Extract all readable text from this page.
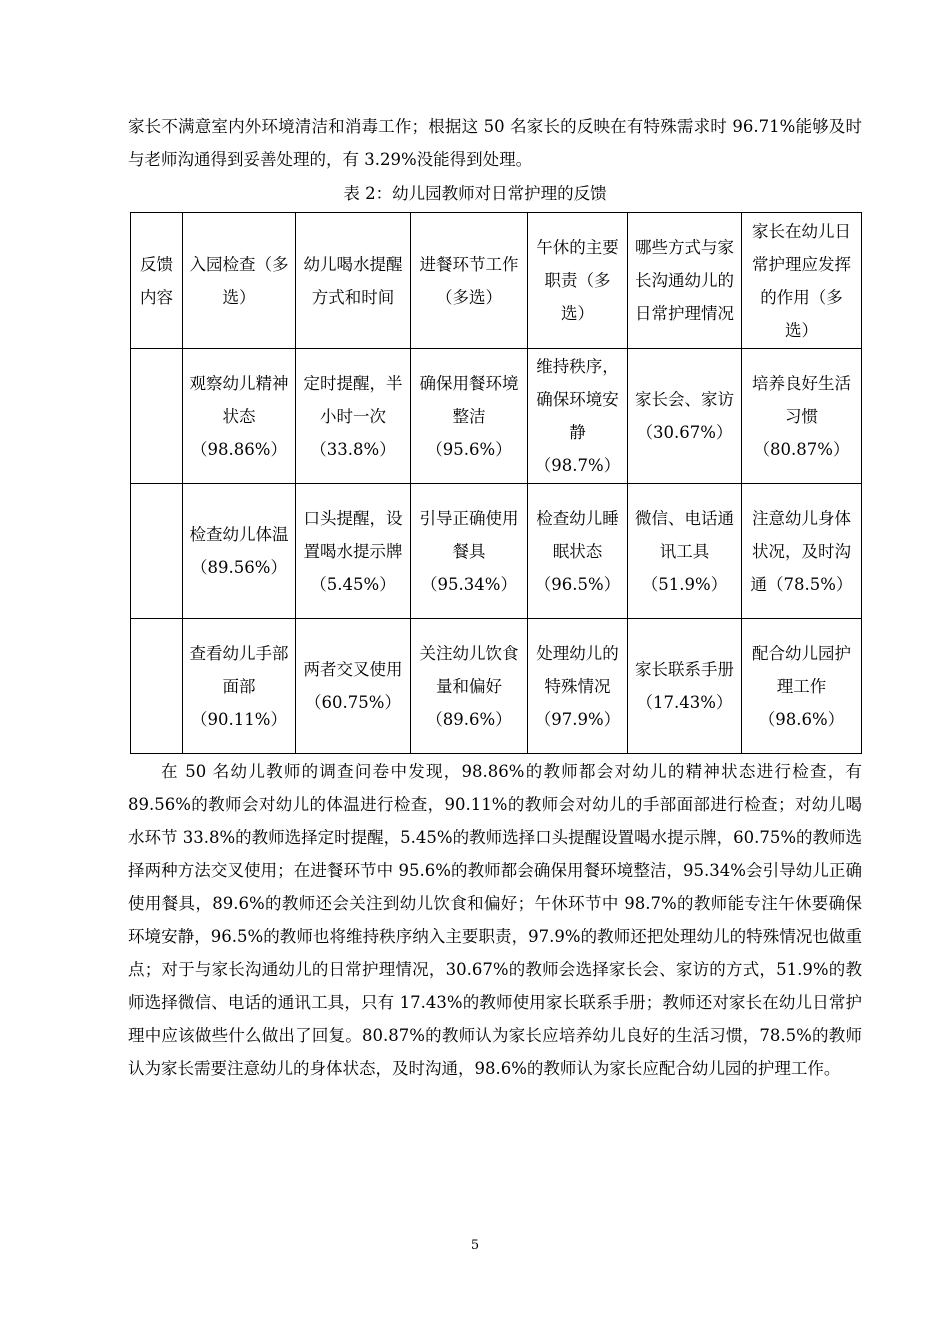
家长不满意室内外环境清洁和消毒工作；根据这 50 名家长的反映在有特殊需求时 96.71%能够及时与老师沟通得到妥善处理的，有 3.29%没能得到处理。

表 2：幼儿园教师对日常护理的反馈

反馈内容	入园检查（多选）	幼儿喝水提醒方式和时间	进餐环节工作（多选）	午休的主要职责（多选）	哪些方式与家长沟通幼儿的日常护理情况	家长在幼儿日常护理应发挥的作用（多选）
	观察幼儿精神状态（98.86%）	定时提醒，半小时一次（33.8%）	确保用餐环境整洁（95.6%）	维持秩序，确保环境安静（98.7%）	家长会、家访（30.67%）	培养良好生活习惯（80.87%）
	检查幼儿体温（89.56%）	口头提醒，设置喝水提示牌（5.45%）	引导正确使用餐具（95.34%）	检查幼儿睡眠状态（96.5%）	微信、电话通讯工具（51.9%）	注意幼儿身体状况，及时沟通（78.5%）
	查看幼儿手部面部（90.11%）	两者交叉使用（60.75%）	关注幼儿饮食量和偏好（89.6%）	处理幼儿的特殊情况（97.9%）	家长联系手册（17.43%）	配合幼儿园护理工作（98.6%）

在 50 名幼儿教师的调查问卷中发现，98.86%的教师都会对幼儿的精神状态进行检查，有 89.56%的教师会对幼儿的体温进行检查，90.11%的教师会对幼儿的手部面部进行检查；对幼儿喝水环节 33.8%的教师选择定时提醒，5.45%的教师选择口头提醒设置喝水提示牌，60.75%的教师选择两种方法交叉使用；在进餐环节中 95.6%的教师都会确保用餐环境整洁，95.34%会引导幼儿正确使用餐具，89.6%的教师还会关注到幼儿饮食和偏好；午休环节中 98.7%的教师能专注午休要确保环境安静，96.5%的教师也将维持秩序纳入主要职责，97.9%的教师还把处理幼儿的特殊情况也做重点；对于与家长沟通幼儿的日常护理情况，30.67%的教师会选择家长会、家访的方式，51.9%的教师选择微信、电话的通讯工具，只有 17.43%的教师使用家长联系手册；教师还对家长在幼儿日常护理中应该做些什么做出了回复。80.87%的教师认为家长应培养幼儿良好的生活习惯，78.5%的教师认为家长需要注意幼儿的身体状态，及时沟通，98.6%的教师认为家长应配合幼儿园的护理工作。

5
